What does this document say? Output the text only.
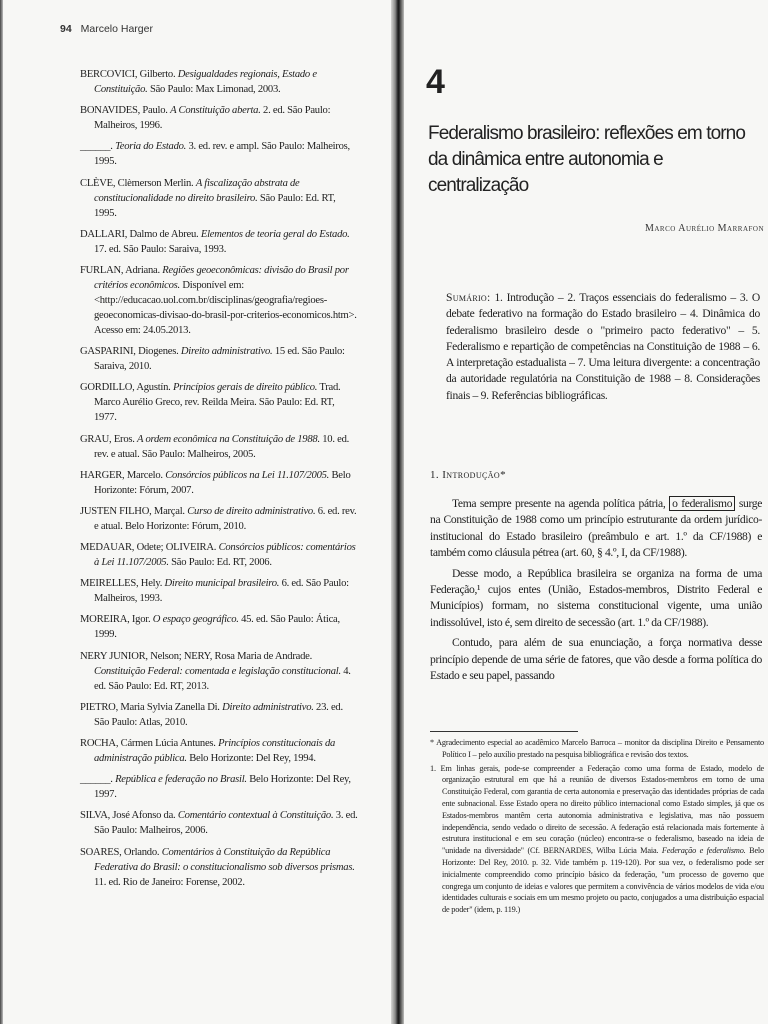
94 Marcelo Harger
BERCOVICI, Gilberto. Desigualdades regionais, Estado e Constituição. São Paulo: Max Limonad, 2003.
BONAVIDES, Paulo. A Constituição aberta. 2. ed. São Paulo: Malheiros, 1996.
______. Teoria do Estado. 3. ed. rev. e ampl. São Paulo: Malheiros, 1995.
CLÈVE, Clèmerson Merlin. A fiscalização abstrata de constitucionalidade no direito brasileiro. São Paulo: Ed. RT, 1995.
DALLARI, Dalmo de Abreu. Elementos de teoria geral do Estado. 17. ed. São Paulo: Saraiva, 1993.
FURLAN, Adriana. Regiões geoeconômicas: divisão do Brasil por critérios econômicos. Disponível em: <http://educacao.uol.com.br/disciplinas/geografia/regioes-geoeconomicas-divisao-do-brasil-por-criterios-economicos.htm>. Acesso em: 24.05.2013.
GASPARINI, Diogenes. Direito administrativo. 15 ed. São Paulo: Saraiva, 2010.
GORDILLO, Agustín. Princípios gerais de direito público. Trad. Marco Aurélio Greco, rev. Reilda Meira. São Paulo: Ed. RT, 1977.
GRAU, Eros. A ordem econômica na Constituição de 1988. 10. ed. rev. e atual. São Paulo: Malheiros, 2005.
HARGER, Marcelo. Consórcios públicos na Lei 11.107/2005. Belo Horizonte: Fórum, 2007.
JUSTEN FILHO, Marçal. Curso de direito administrativo. 6. ed. rev. e atual. Belo Horizonte: Fórum, 2010.
MEDAUAR, Odete; OLIVEIRA. Consórcios públicos: comentários à Lei 11.107/2005. São Paulo: Ed. RT, 2006.
MEIRELLES, Hely. Direito municipal brasileiro. 6. ed. São Paulo: Malheiros, 1993.
MOREIRA, Igor. O espaço geográfico. 45. ed. São Paulo: Ática, 1999.
NERY JUNIOR, Nelson; NERY, Rosa Maria de Andrade. Constituição Federal: comentada e legislação constitucional. 4. ed. São Paulo: Ed. RT, 2013.
PIETRO, Maria Sylvia Zanella Di. Direito administrativo. 23. ed. São Paulo: Atlas, 2010.
ROCHA, Cármen Lúcia Antunes. Princípios constitucionais da administração pública. Belo Horizonte: Del Rey, 1994.
______. República e federação no Brasil. Belo Horizonte: Del Rey, 1997.
SILVA, José Afonso da. Comentário contextual à Constituição. 3. ed. São Paulo: Malheiros, 2006.
SOARES, Orlando. Comentários à Constituição da República Federativa do Brasil: o constitucionalismo sob diversos prismas. 11. ed. Rio de Janeiro: Forense, 2002.
4
Federalismo brasileiro: reflexões em torno da dinâmica entre autonomia e centralização
Marco Aurélio Marrafon
Sumário: 1. Introdução – 2. Traços essenciais do federalismo – 3. O debate federativo na formação do Estado brasileiro – 4. Dinâmica do federalismo brasileiro desde o "primeiro pacto federativo" – 5. Federalismo e repartição de competências na Constituição de 1988 – 6. A interpretação estadualista – 7. Uma leitura divergente: a concentração da autoridade regulatória na Constituição de 1988 – 8. Considerações finais – 9. Referências bibliográficas.
1. Introdução*

Tema sempre presente na agenda política pátria, o federalismo surge na Constituição de 1988 como um princípio estruturante da ordem jurídico-institucional do Estado brasileiro (preâmbulo e art. 1.º da CF/1988) e também como cláusula pétrea (art. 60, § 4.º, I, da CF/1988).

Desse modo, a República brasileira se organiza na forma de uma Federação,¹ cujos entes (União, Estados-membros, Distrito Federal e Municípios) formam, no sistema constitucional vigente, uma união indissolúvel, isto é, sem direito de secessão (art. 1.º da CF/1988).

Contudo, para além de sua enunciação, a força normativa desse princípio depende de uma série de fatores, que vão desde a forma política do Estado e seu papel, passando

* Agradecimento especial ao acadêmico Marcelo Barroca – monitor da disciplina Direito e Pensamento Político I – pelo auxílio prestado na pesquisa bibliográfica e revisão dos textos.
1. Em linhas gerais, pode-se compreender a Federação como uma forma de Estado, modelo de organização estrutural em que há a reunião de diversos Estados-membros em torno de uma Constituição Federal, com garantia de certa autonomia e preservação das identidades próprias de cada ente subnacional. Esse Estado opera no direito público internacional como Estado simples, já que os Estados-membros mantêm certa autonomia administrativa e legislativa, mas não possuem independência, sendo vedado o direito de secessão. A federação está relacionada mais fortemente à estrutura institucional e em seu coração (núcleo) encontra-se o federalismo, baseado na ideia de "unidade na diversidade" (Cf. BERNARDES, Wilba Lúcia Maia. Federação e federalismo. Belo Horizonte: Del Rey, 2010. p. 32. Vide também p. 119-120). Por sua vez, o federalismo pode ser inicialmente compreendido como princípio básico da federação, "um processo de governo que congrega um conjunto de ideias e valores que permitem a convivência de vários modelos de vida e/ou identidades culturais e sociais em um mesmo projeto ou pacto, conjugados a uma distribuição espacial de poder" (idem, p. 119.)
